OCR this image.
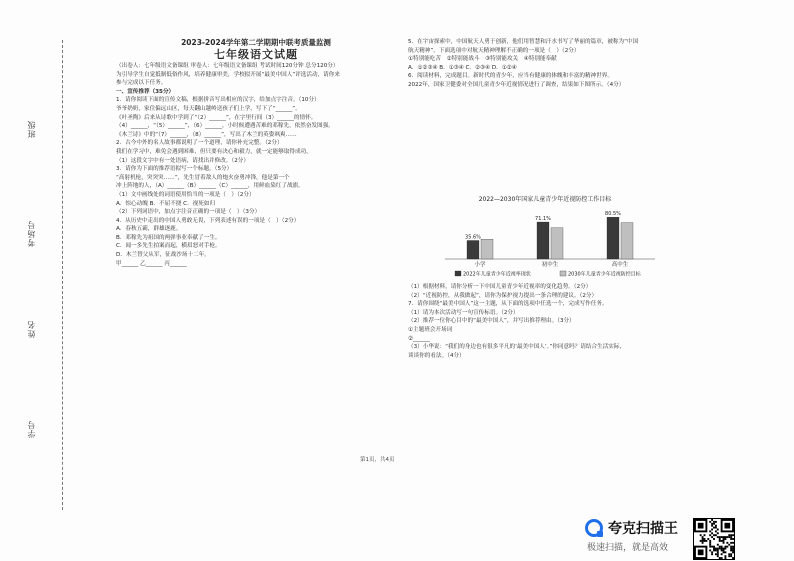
班级
考场号
姓名
学号

2023-2024学年第二学期期中联考质量监测

七年级语文试题

（出卷人：七年级语文备课组 审卷人：七年级语文备课组 考试时间120分钟 总分120分）

为引导学生自觉抵制低俗作风，培养健康审美，学校拟开展“最美中国人”评选活动，请你来

参与完成以下任务。

一、宣传推荐（35分）

1．请你阅读下面的宣传文稿，根据拼音写出相应的汉字，给加点字注音。（10分）

爷爷奶奶，家住偏远山区，每天翻山越岭送孩子们上学，写下了“______”。

《叶圣陶》后来从诗歌中学到了“（2）______”，在字里行间（3）______的情怀。

（4）______，“（5）______”，（6）______，小时候遭遇苦难的邓稼先，依然奋发图强。

《木兰诗》中的“（7）______，（8）______”，写出了木兰的英姿飒爽……

2．古今中外的名人故事都说明了一个道理，请你补充完整。（2分）

我们在学习中，难免会遇到困难，但只要有决心和毅力，就一定能够取得成功。

（1）这段文字中有一处语病，请找出并修改。（2分）

3．请你为下面的推荐语拟写一个标题。（5分）

“高射机枪，突突突……”，先生冒着敌人的炮火奋勇冲锋，他是第一个

冲上阵地的人，（A）______（B）______（C）______，用鲜血染红了战旗。

（1）文中画线处的词语使用恰当的一项是（　）（2分）

A．惊心动魄 B．不屈不挠 C．视死如归

（2）下列词语中，加点字注音正确的一项是（　）（3分）

4．从历史中走出的中国人勇敢无畏，下列表述有误的一项是（　）（2分）

A．春秋五霸，群雄逐鹿。

B．邓稼先为祖国的两弹事业奉献了一生。

C．闻一多先生拍案而起，横眉怒对手枪。

D．木兰替父从军，征战沙场十二年。

甲______ 乙______ 丙______

5．在宇宙探索中，中国航天人勇于创新，他们用智慧和汗水书写了华丽的篇章，被称为“中国

航天精神”。下面选项中对航天精神理解不正确的一项是（　）（2分）

①特别能吃苦　②特别能战斗　③特别能攻关　④特别能奉献

A．①②③④ B．①③④ C．②③④ D．①②④

6．阅读材料，完成题目。新时代的青少年，应当有健康的体魄和丰富的精神世界。

2022年，国家卫健委对全国儿童青少年近视情况进行了调查，结果如下图所示。（4分）

2022—2030年国家儿童青少年近视防控工作目标
35.6%
小学
71.1%
初中生
80.5%
高中生
2022年儿童青少年近视率现状	2030年儿童青少年近视防控目标

（1）根据材料，请你分析一下中国儿童青少年近视率的变化趋势。（2分）

（2）“近视防控，从我做起”，请你为保护视力提出一条合理的建议。（2分）

7．请你围绕“最美中国人”这一主题，从下面的选项中任选一个，完成写作任务。

（1）请为本次活动写一句宣传标语。（2分）

（2）推荐一位你心目中的“最美中国人”，并写出推荐理由。（3分）

①主题班会开场词

②______

（3）小华说：“我们的身边也有很多平凡的‘最美中国人’。”你同意吗？请结合生活实际，

谈谈你的看法。（4分）

第1页，共4页
夸克扫描王
极速扫描，就是高效
